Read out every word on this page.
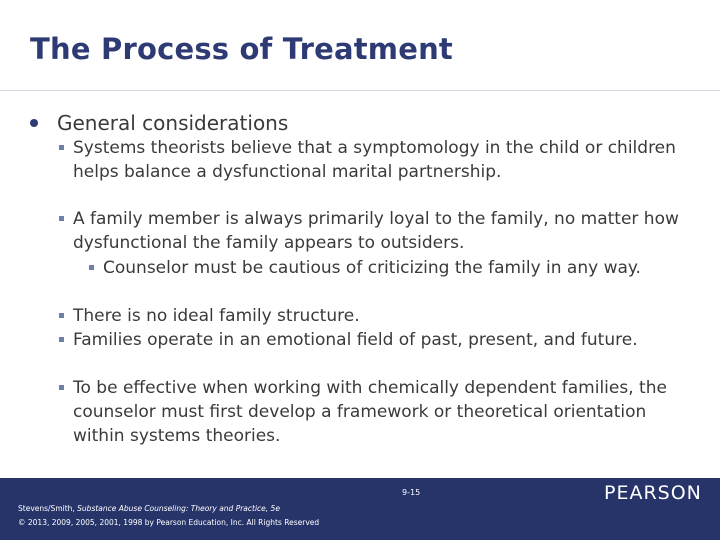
The Process of Treatment
General considerations
Systems theorists believe that a symptomology in the child or children helps balance a dysfunctional marital partnership.
A family member is always primarily loyal to the family, no matter how dysfunctional the family appears to outsiders.
Counselor must be cautious of criticizing the family in any way.
There is no ideal family structure.
Families operate in an emotional field of past, present, and future.
To be effective when working with chemically dependent families, the counselor must first develop a framework or theoretical orientation within systems theories.
Stevens/Smith, Substance Abuse Counseling: Theory and Practice, 5e
© 2013, 2009, 2005, 2001, 1998 by Pearson Education, Inc. All Rights Reserved
9-15	PEARSON
